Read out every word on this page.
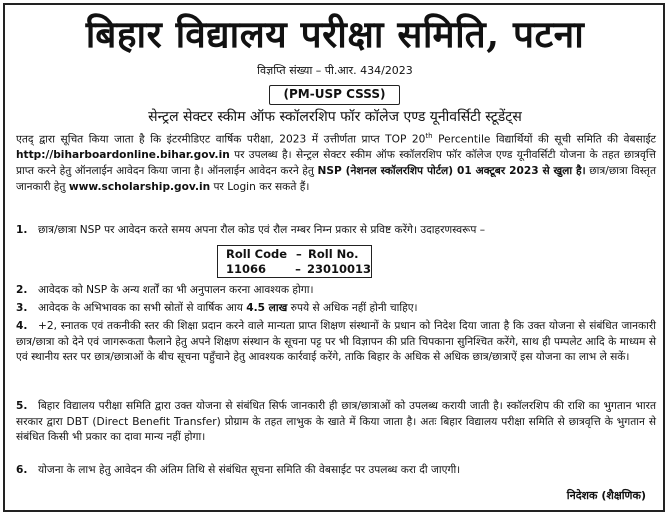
बिहार विद्यालय परीक्षा समिति, पटना
विज्ञप्ति संख्या – पी.आर. 434/2023
(PM-USP CSSS)
सेन्ट्रल सेक्टर स्कीम ऑफ स्कॉलरशिप फॉर कॉलेज एण्ड यूनीवर्सिटी स्टूडेंट्स
एतद् द्वारा सूचित किया जाता है कि इंटरमीडिएट वार्षिक परीक्षा, 2023 में उत्तीर्णता प्राप्त TOP 20th Percentile विद्यार्थियों की सूची समिति की वेबसाईट http://biharboardonline.bihar.gov.in पर उपलब्ध है। सेन्ट्रल सेक्टर स्कीम ऑफ स्कॉलरशिप फॉर कॉलेज एण्ड यूनीवर्सिटी योजना के तहत छात्रवृत्ति प्राप्त करने हेतु ऑनलाईन आवेदन किया जाना है। ऑनलाईन आवेदन करने हेतु NSP (नेशनल स्कॉलरशिप पोर्टल) 01 अक्टूबर 2023 से खुला है। छात्र/छात्रा विस्तृत जानकारी हेतु www.scholarship.gov.in पर Login कर सकते हैं।
1. छात्र/छात्रा NSP पर आवेदन करते समय अपना रौल कोड एवं रौल नम्बर निम्न प्रकार से प्रविष्ट करेंगे। उदाहरणस्वरूप –
Roll Code – Roll No.
11066	– 23010013
2. आवेदक को NSP के अन्य शर्तों का भी अनुपालन करना आवश्यक होगा।
3. आवेदक के अभिभावक का सभी स्रोतों से वार्षिक आय 4.5 लाख रुपये से अधिक नहीं होनी चाहिए।
4. +2, स्नातक एवं तकनीकी स्तर की शिक्षा प्रदान करने वाले मान्यता प्राप्त शिक्षण संस्थानों के प्रधान को निदेश दिया जाता है कि उक्त योजना से संबंधित जानकारी छात्र/छात्रा को देने एवं जागरूकता फैलाने हेतु अपने शिक्षण संस्थान के सूचना पट्ट पर भी विज्ञापन की प्रति चिपकाना सुनिश्चित करेंगे, साथ ही पम्पलेट आदि के माध्यम से एवं स्थानीय स्तर पर छात्र/छात्राओं के बीच सूचना पहुँचाने हेतु आवश्यक कार्रवाई करेंगे, ताकि बिहार के अधिक से अधिक छात्र/छात्राऐं इस योजना का लाभ ले सकें।
5. बिहार विद्यालय परीक्षा समिति द्वारा उक्त योजना से संबंधित सिर्फ जानकारी ही छात्र/छात्राओं को उपलब्ध करायी जाती है। स्कॉलरशिप की राशि का भुगतान भारत सरकार द्वारा DBT (Direct Benefit Transfer) प्रोग्राम के तहत लाभुक के खाते में किया जाता है। अतः बिहार विद्यालय परीक्षा समिति से छात्रवृत्ति के भुगतान से संबंधित किसी भी प्रकार का दावा मान्य नहीं होगा।
6. योजना के लाभ हेतु आवेदन की अंतिम तिथि से संबंधित सूचना समिति की वेबसाईट पर उपलब्ध करा दी जाएगी।
निदेशक (शैक्षणिक)
